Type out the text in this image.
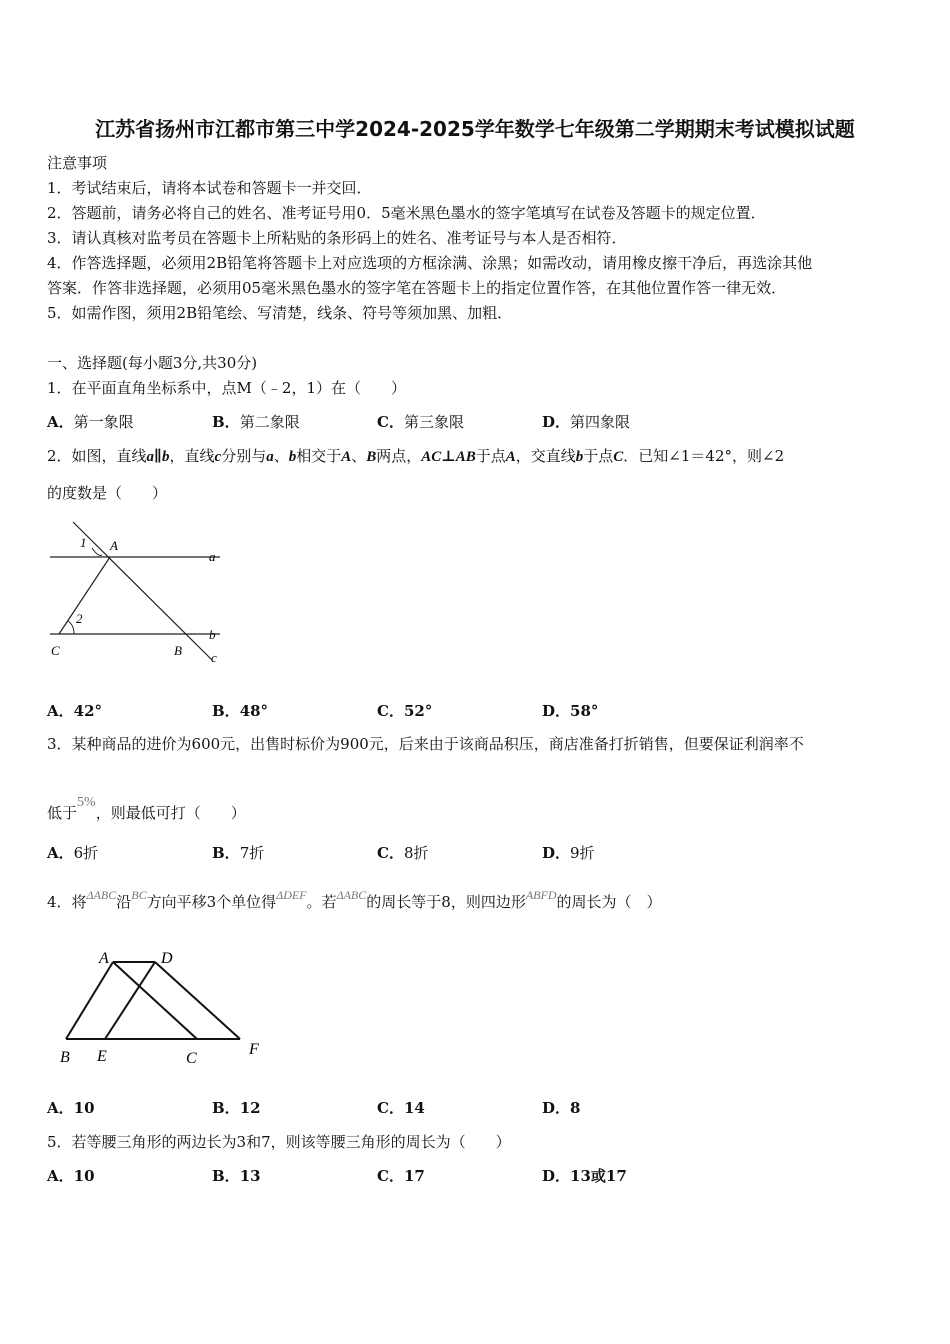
江苏省扬州市江都市第三中学2024-2025学年数学七年级第二学期期末考试模拟试题
注意事项
1．考试结束后，请将本试卷和答题卡一并交回．
2．答题前，请务必将自己的姓名、准考证号用0．5毫米黑色墨水的签字笔填写在试卷及答题卡的规定位置．
3．请认真核对监考员在答题卡上所粘贴的条形码上的姓名、准考证号与本人是否相符．
4．作答选择题，必须用2B铅笔将答题卡上对应选项的方框涂满、涂黑；如需改动，请用橡皮擦干净后，再选涂其他
答案．作答非选择题，必须用05毫米黑色墨水的签字笔在答题卡上的指定位置作答，在其他位置作答一律无效．
5．如需作图，须用2B铅笔绘、写清楚，线条、符号等须加黑、加粗．
一、选择题(每小题3分,共30分)
1．在平面直角坐标系中，点M（﹣2，1）在（　　）
A．第一象限	B．第二象限	C．第三象限	D．第四象限
2．如图，直线a∥b，直线c分别与a、b相交于A、B两点，AC⊥AB于点A，交直线b于点C．已知∠1＝42°，则∠2
的度数是（　　）
1 A
a
2
b
C	B c
A．42°	B．48°	C．52°	D．58°
3．某种商品的进价为600元，出售时标价为900元，后来由于该商品积压，商店准备打折销售，但要保证利润率不
低于5%，则最低可打（　　）
A．6折	B．7折	C．8折	D．9折
4．将$^{\Delta ABC}$沿$^{BC}$方向平移3个单位得$^{\Delta DEF}$。若$^{\Delta ABC}$的周长等于8，则四边形$^{ABFD}$的周长为（　）
A	D
B E	C
F
A．10	B．12	C．14	D．8
5．若等腰三角形的两边长为3和7，则该等腰三角形的周长为（　　）
A．10	B．13	C．17	D．13或17
